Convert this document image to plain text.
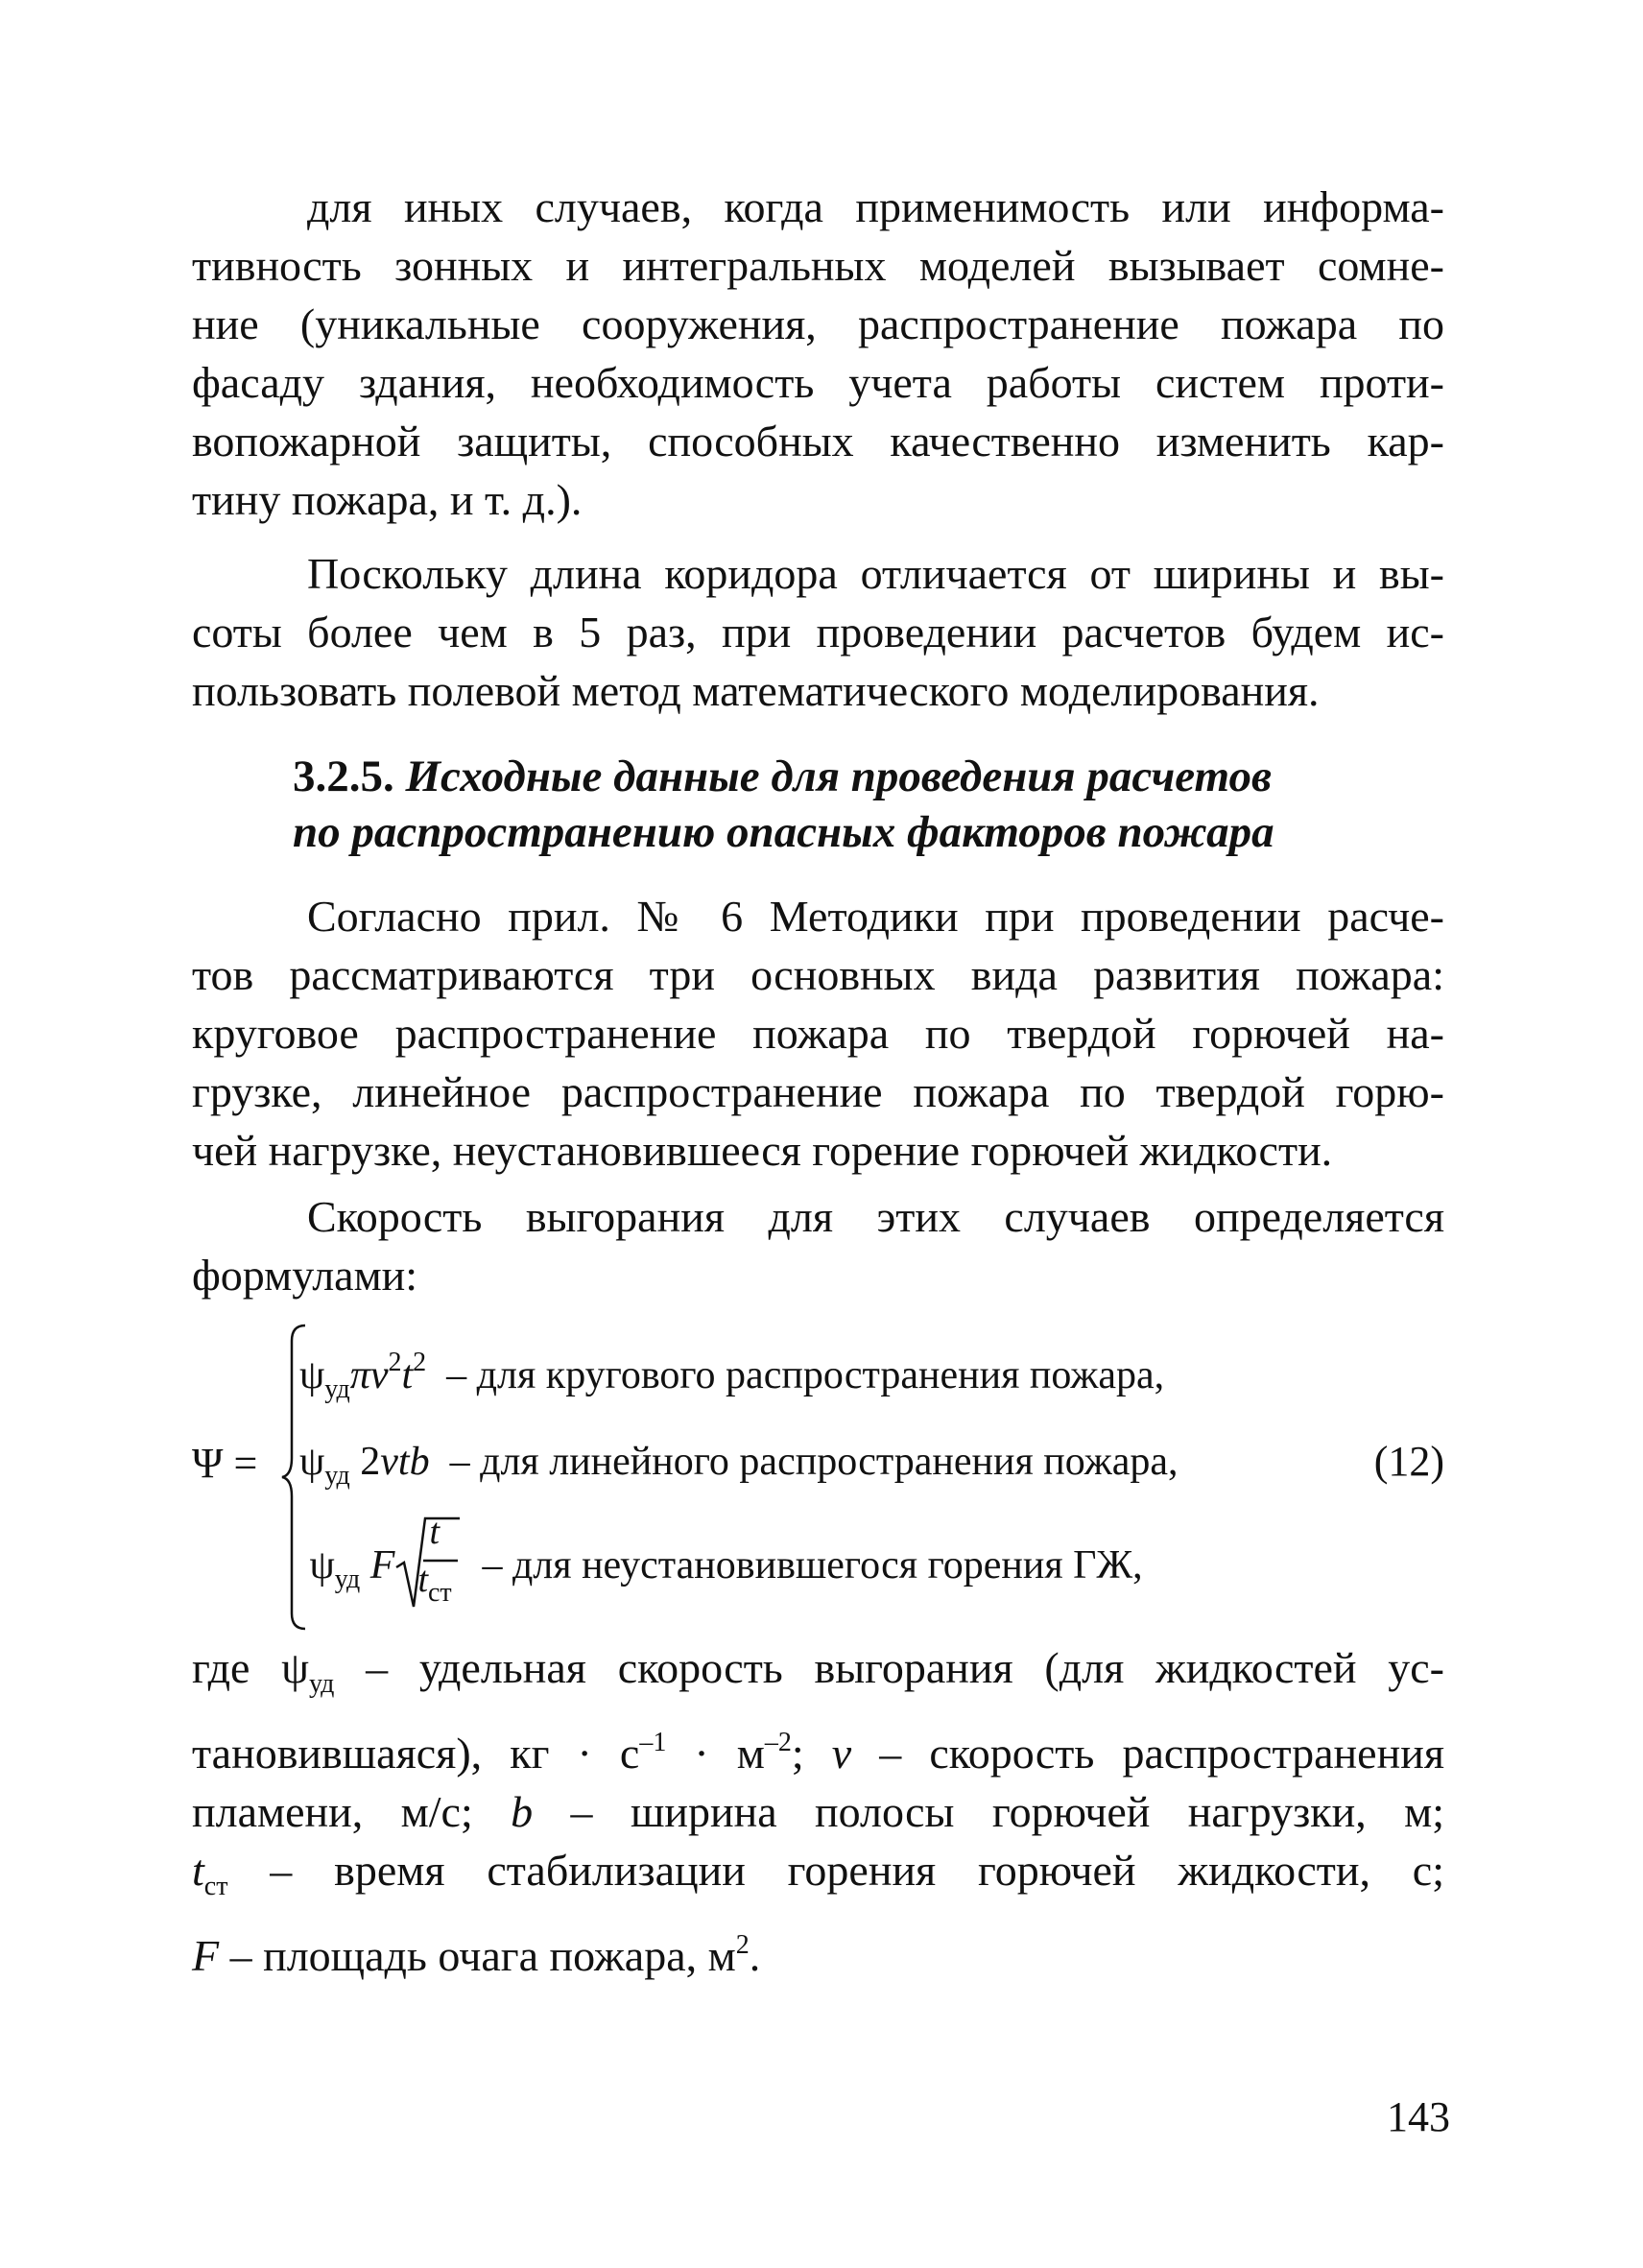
для иных случаев, когда применимость или информа-
тивность зонных и интегральных моделей вызывает сомне-
ние (уникальные сооружения, распространение пожара по
фасаду здания, необходимость учета работы систем проти-
вопожарной защиты, способных качественно изменить кар-
тину пожара, и т. д.).

Поскольку длина коридора отличается от ширины и вы-
соты более чем в 5 раз, при проведении расчетов будем ис-
пользовать полевой метод математического моделирования.

3.2.5. Исходные данные для проведения расчетов
по распространению опасных факторов пожара

Согласно прил. № 6 Методики при проведении расче-
тов рассматриваются три основных вида развития пожара:
круговое распространение пожара по твердой горючей на-
грузке, линейное распространение пожара по твердой горю-
чей нагрузке, неустановившееся горение горючей жидкости.

Скорость выгорания для этих случаев определяется
формулами:

Ψ =
$\psi_{уд}\pi v^2t^2$ – для кругового распространения пожара,
$\psi_{уд}$ 2vtb – для линейного распространения пожара,
$\psi_{уд}$ F
t
$t_{ст}$
– для неустановившегося горения ГЖ,
(12)

где $\psi_{уд}$ – удельная скорость выгорания (для жидкостей ус-
тановившаяся), кг · $с^{-1} \cdot м^{-2}$; v – скорость распространения
пламени, м/с; b – ширина полосы горючей нагрузки, м;
$t_{ст}$ – время стабилизации горения горючей жидкости, с;
F – площадь очага пожара, $м^2$.

143
